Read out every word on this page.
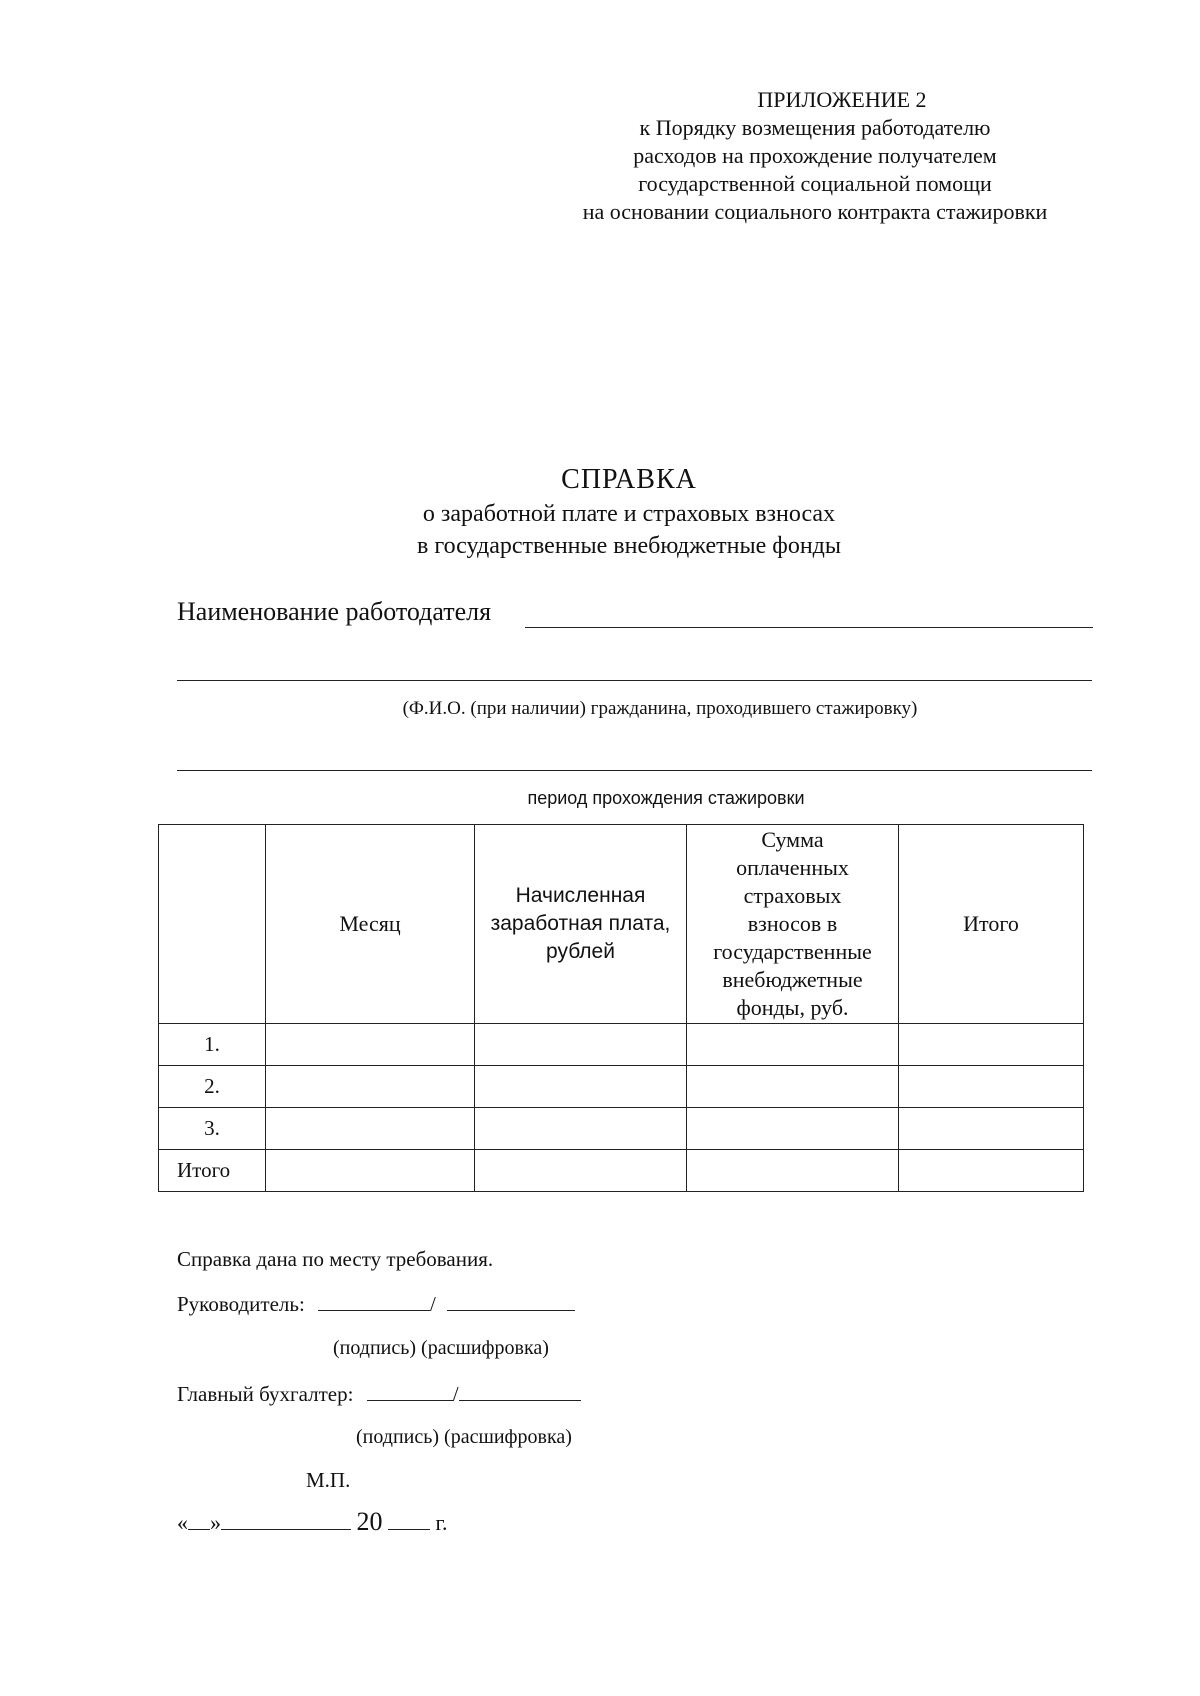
ПРИЛОЖЕНИЕ 2
к Порядку возмещения работодателю
расходов на прохождение получателем
государственной социальной помощи
на основании социального контракта стажировки
СПРАВКА
о заработной плате и страховых взносах
в государственные внебюджетные фонды
Наименование работодателя
(Ф.И.О. (при наличии) гражданина, проходившего стажировку)
период прохождения стажировки
	Месяц	Начисленная заработная плата, рублей	Сумма оплаченных страховых взносов в государственные внебюджетные фонды, руб.	Итого
1.				
2.				
3.				
Итого				
Справка дана по месту требования.
Руководитель:	/
(подпись) (расшифровка)
Главный бухгалтер:	/
(подпись) (расшифровка)
М.П.
« »	20 г.
